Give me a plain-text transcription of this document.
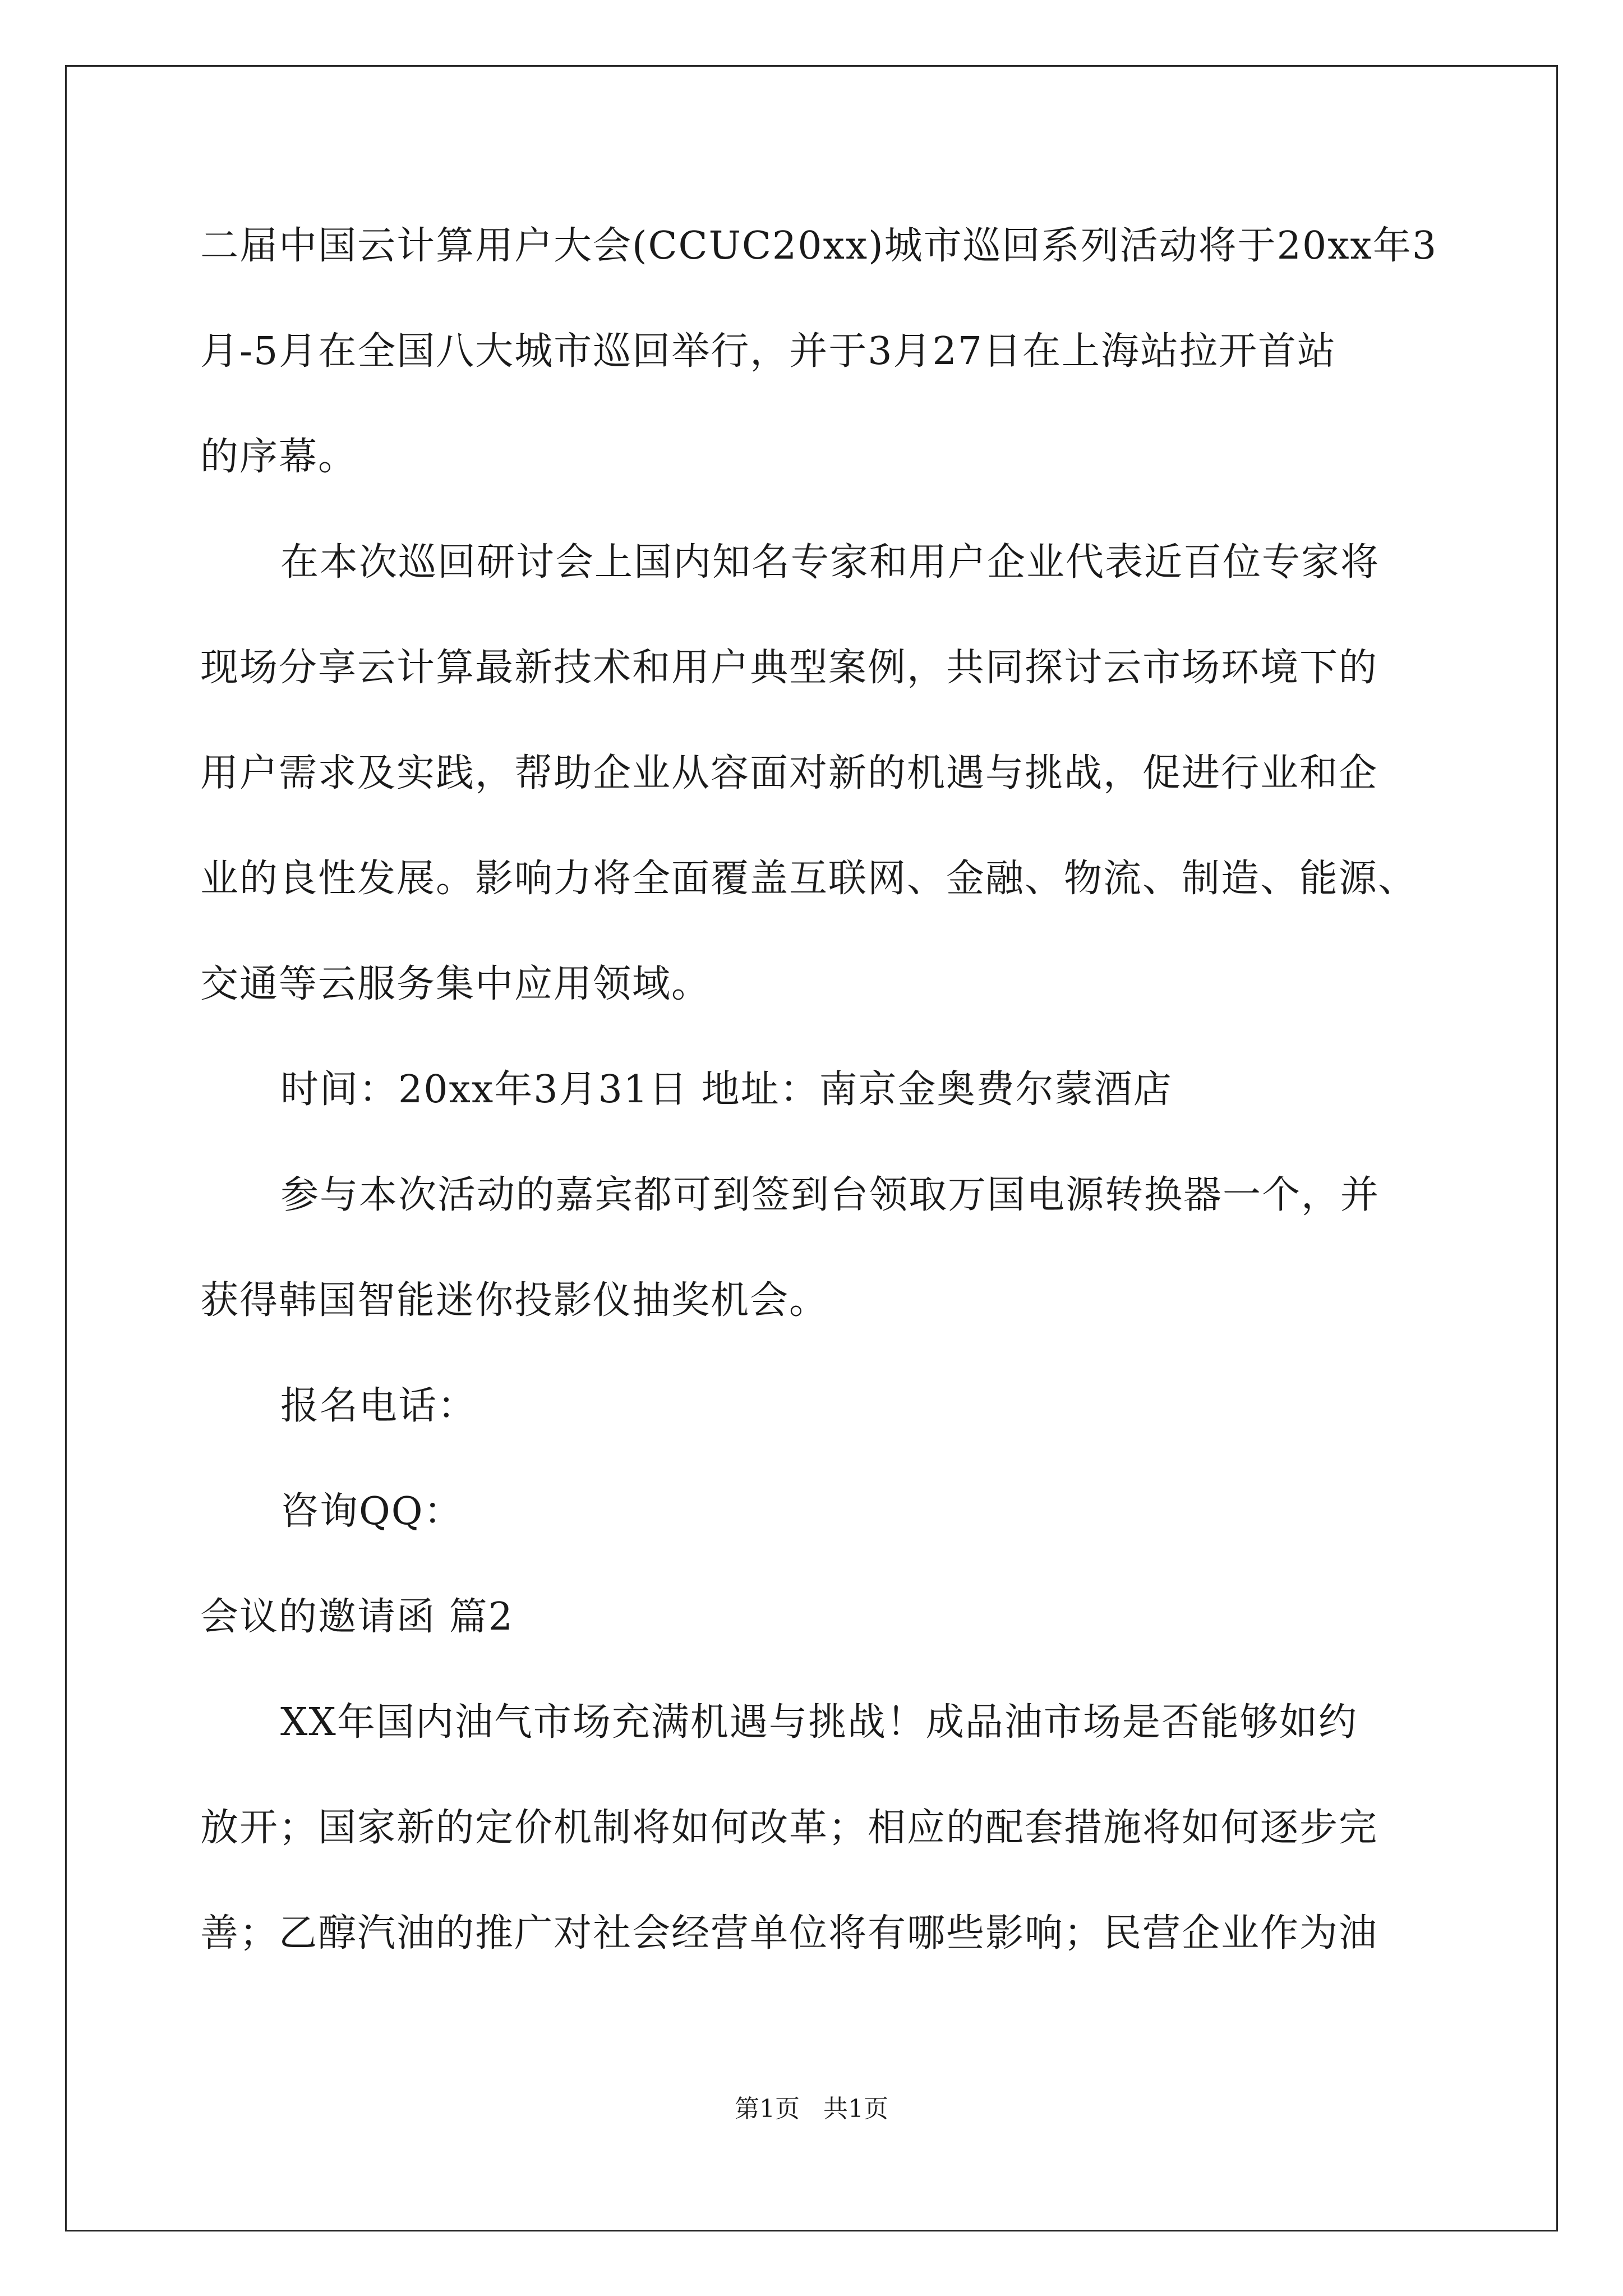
二届中国云计算用户大会(CCUC20xx)城市巡回系列活动将于20xx年3
月-5月在全国八大城市巡回举行，并于3月27日在上海站拉开首站
的序幕。
在本次巡回研讨会上国内知名专家和用户企业代表近百位专家将
现场分享云计算最新技术和用户典型案例，共同探讨云市场环境下的
用户需求及实践，帮助企业从容面对新的机遇与挑战，促进行业和企
业的良性发展。影响力将全面覆盖互联网、金融、物流、制造、能源、
交通等云服务集中应用领域。
时间：20xx年3月31日 地址：南京金奥费尔蒙酒店
参与本次活动的嘉宾都可到签到台领取万国电源转换器一个，并
获得韩国智能迷你投影仪抽奖机会。
报名电话：
咨询QQ：
会议的邀请函 篇2
XX年国内油气市场充满机遇与挑战！成品油市场是否能够如约
放开；国家新的定价机制将如何改革；相应的配套措施将如何逐步完
善；乙醇汽油的推广对社会经营单位将有哪些影响；民营企业作为油
第1页   共1页
